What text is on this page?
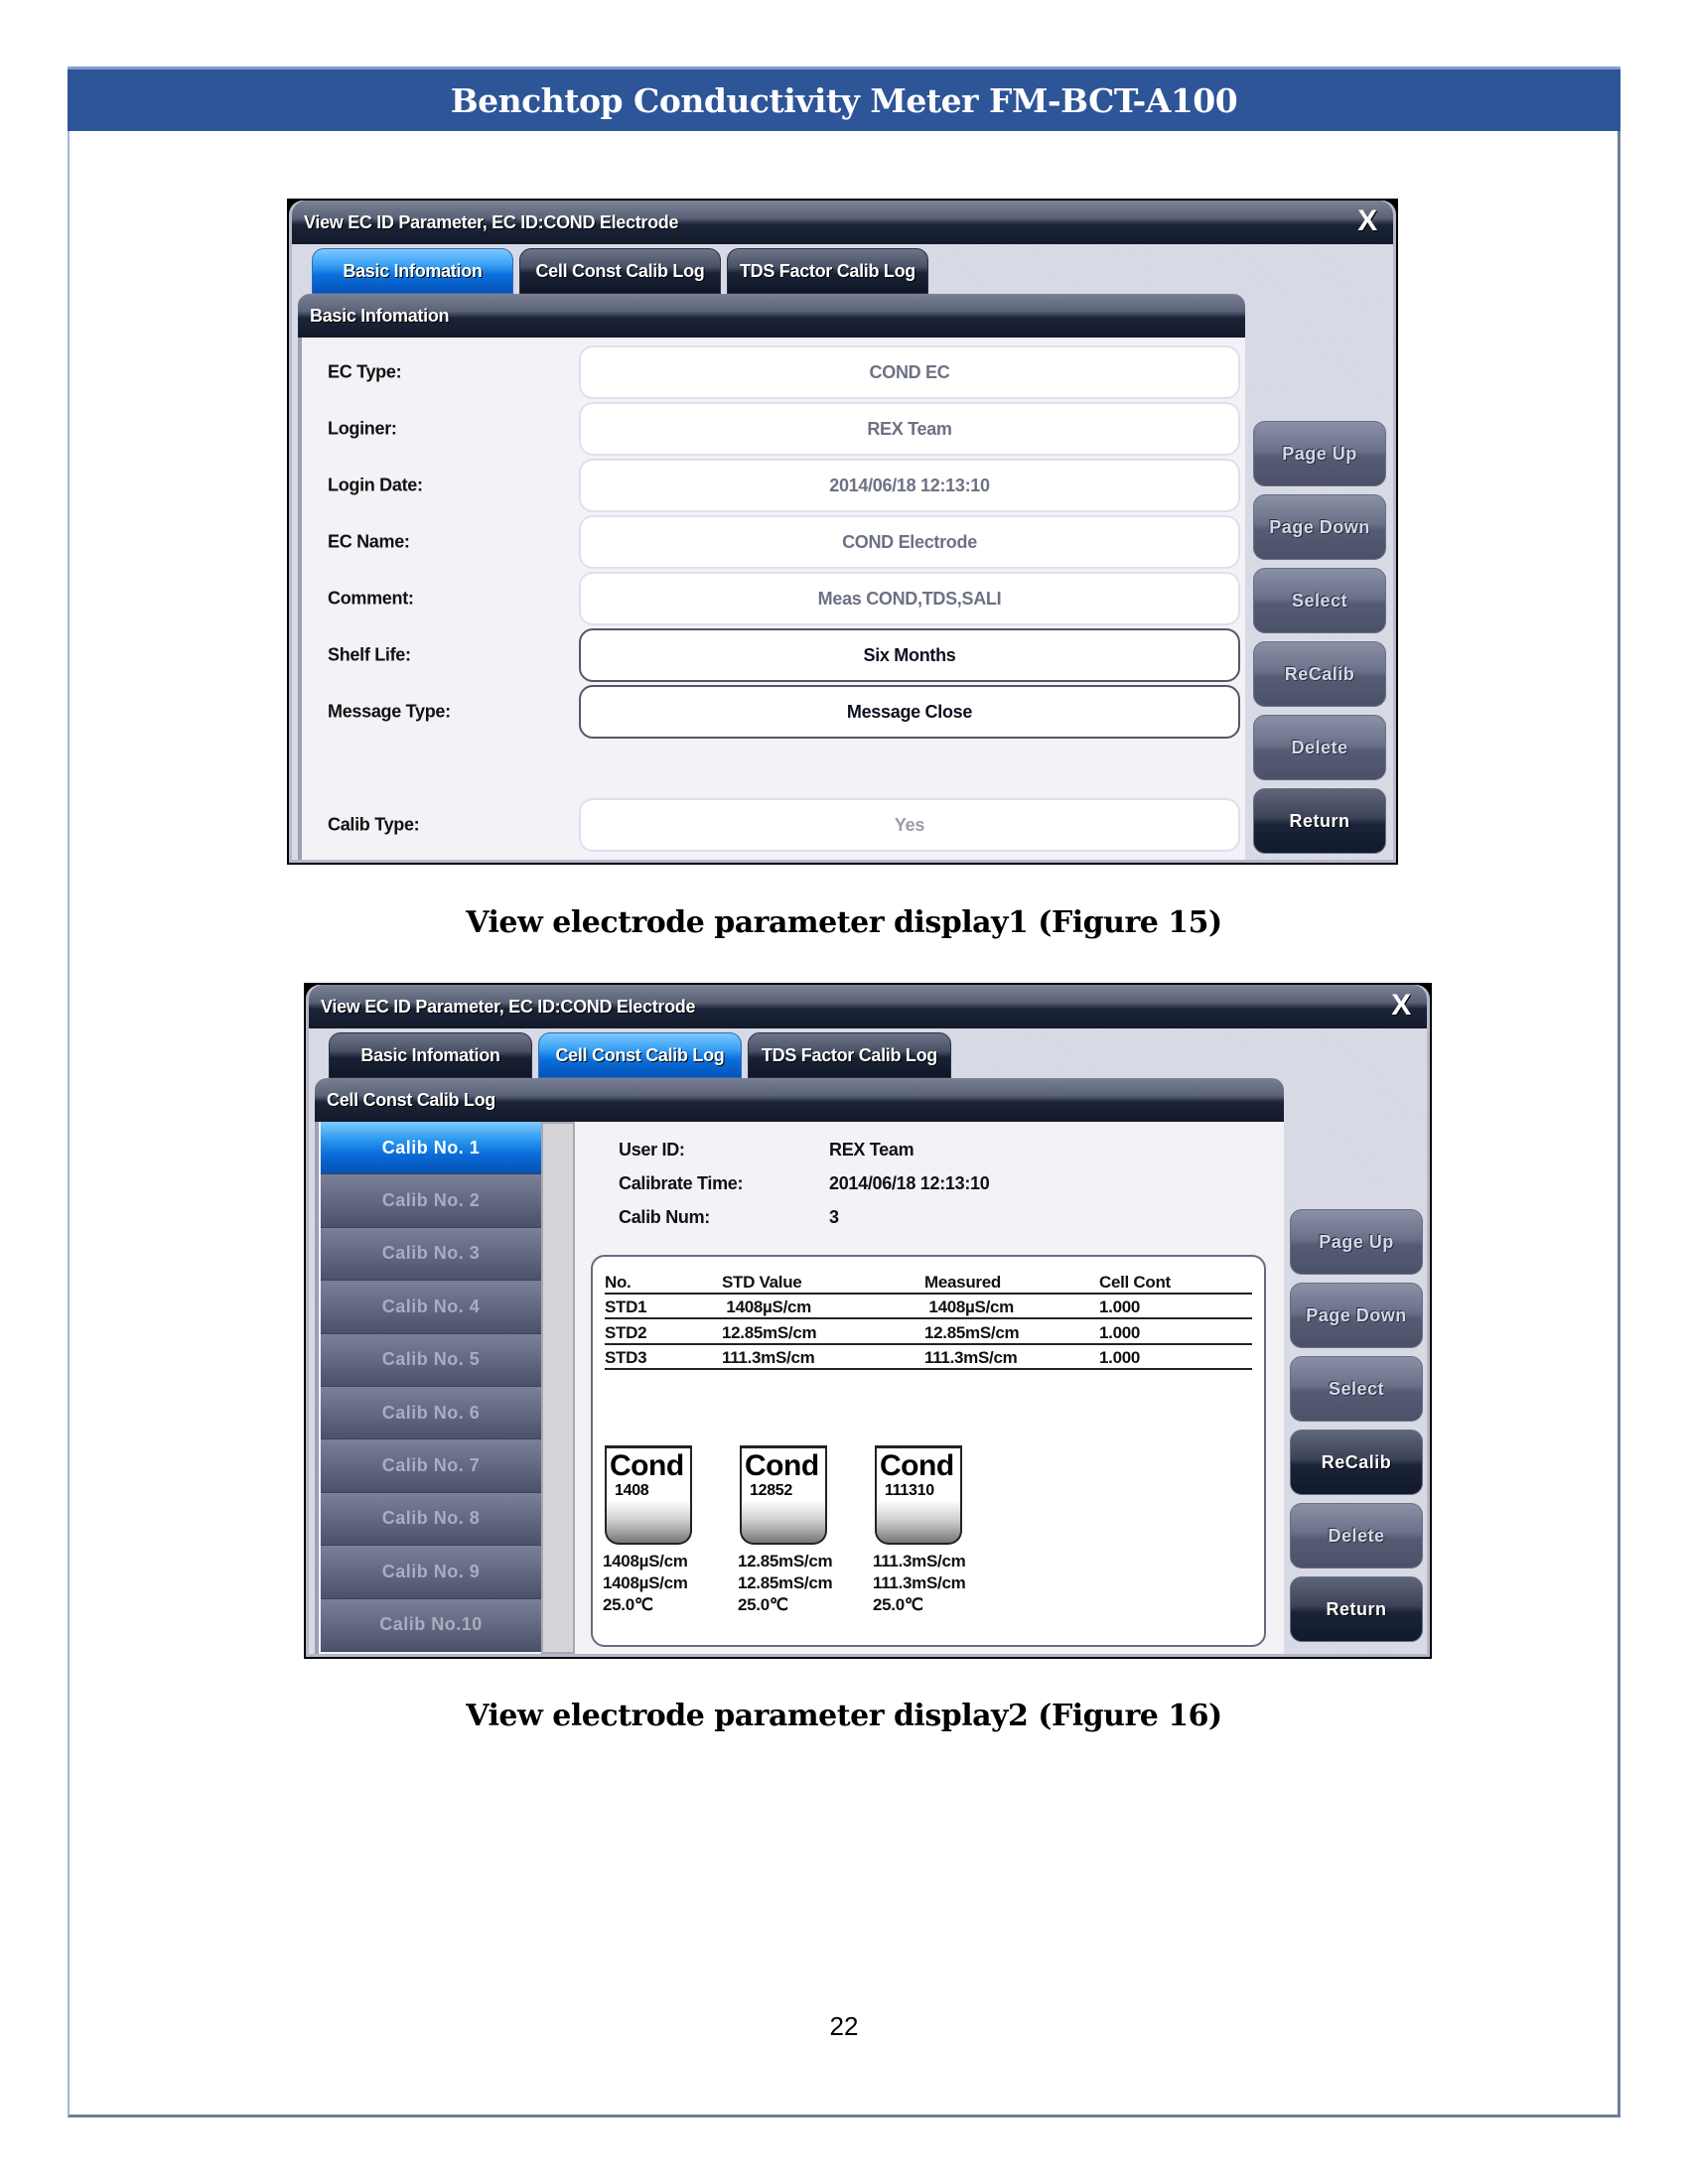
Benchtop Conductivity Meter FM-BCT-A100
View EC ID Parameter, EC ID:COND Electrode	X
Basic Infomation	Cell Const Calib Log	TDS Factor Calib Log
Basic Infomation
EC Type:	COND EC
Loginer:	REX Team
Login Date:	2014/06/18 12:13:10
EC Name:	COND Electrode
Comment:	Meas COND,TDS,SALI
Shelf Life:	Six Months
Message Type:	Message Close
Calib Type:	Yes
Page Up
Page Down
Select
ReCalib
Delete
Return
View electrode parameter display1 (Figure 15)
View EC ID Parameter, EC ID:COND Electrode	X
Basic Infomation	Cell Const Calib Log	TDS Factor Calib Log
Cell Const Calib Log
Calib No. 1
Calib No. 2
Calib No. 3
Calib No. 4
Calib No. 5
Calib No. 6
Calib No. 7
Calib No. 8
Calib No. 9
Calib No.10
User ID:	REX Team
Calibrate Time:	2014/06/18 12:13:10
Calib Num:	3
No.	STD Value	Measured	Cell Cont
STD1	1408µS/cm	1408µS/cm	1.000
STD2	12.85mS/cm	12.85mS/cm	1.000
STD3	111.3mS/cm	111.3mS/cm	1.000
Cond
1408
1408µS/cm
1408µS/cm
25.0℃
Cond
12852
12.85mS/cm
12.85mS/cm
25.0℃
Cond
111310
111.3mS/cm
111.3mS/cm
25.0℃
Page Up
Page Down
Select
ReCalib
Delete
Return
View electrode parameter display2 (Figure 16)
22
